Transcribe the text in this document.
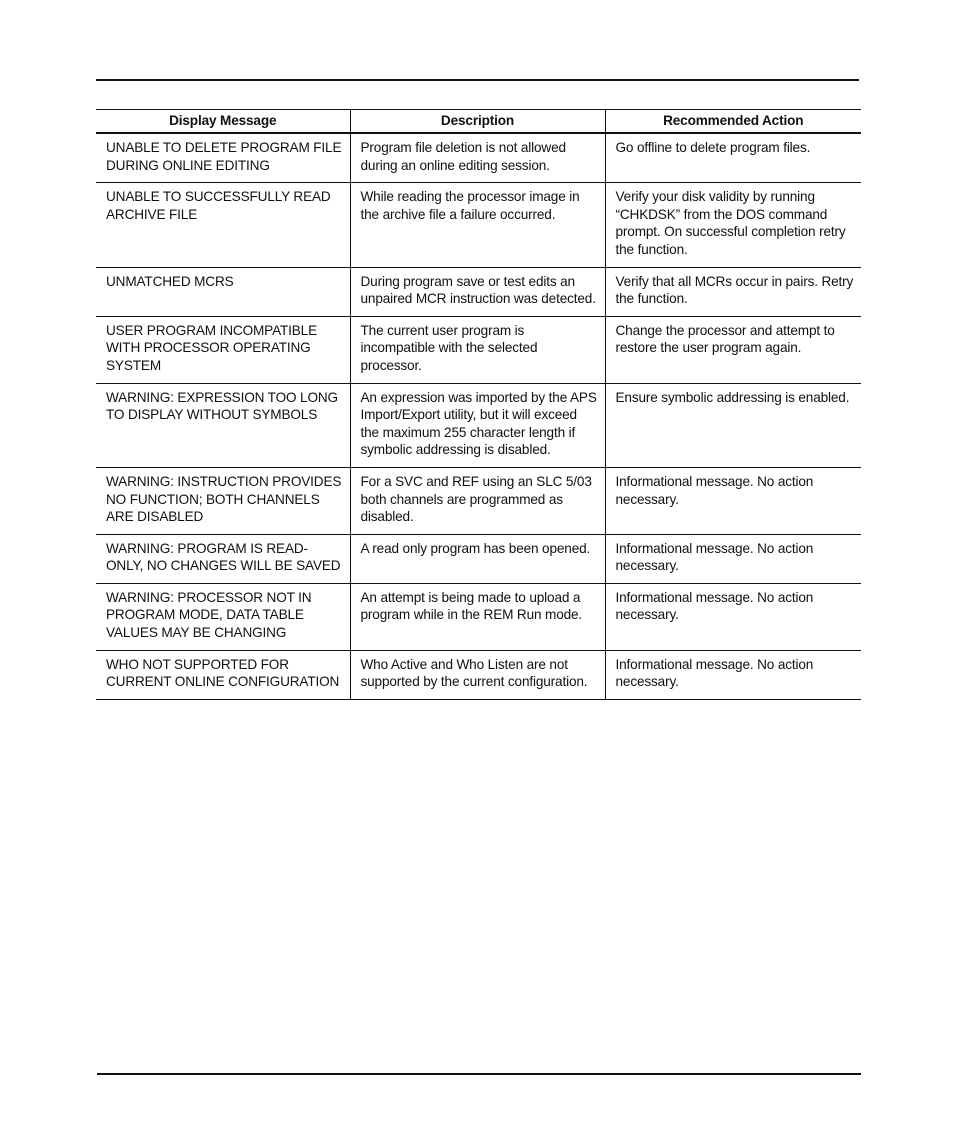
Display Message	Description	Recommended Action
UNABLE TO DELETE PROGRAM FILE DURING ONLINE EDITING	Program file deletion is not allowed during an online editing session.	Go offline to delete program files.
UNABLE TO SUCCESSFULLY READ ARCHIVE FILE	While reading the processor image in the archive file a failure occurred.	Verify your disk validity by running “CHKDSK” from the DOS command prompt. On successful completion retry the function.
UNMATCHED MCRS	During program save or test edits an unpaired MCR instruction was detected.	Verify that all MCRs occur in pairs. Retry the function.
USER PROGRAM INCOMPATIBLE WITH PROCESSOR OPERATING SYSTEM	The current user program is incompatible with the selected processor.	Change the processor and attempt to restore the user program again.
WARNING: EXPRESSION TOO LONG TO DISPLAY WITHOUT SYMBOLS	An expression was imported by the APS Import/Export utility, but it will exceed the maximum 255 character length if symbolic addressing is disabled.	Ensure symbolic addressing is enabled.
WARNING: INSTRUCTION PROVIDES NO FUNCTION; BOTH CHANNELS ARE DISABLED	For a SVC and REF using an SLC 5/03 both channels are programmed as disabled.	Informational message. No action necessary.
WARNING: PROGRAM IS READ-ONLY, NO CHANGES WILL BE SAVED	A read only program has been opened.	Informational message. No action necessary.
WARNING: PROCESSOR NOT IN PROGRAM MODE, DATA TABLE VALUES MAY BE CHANGING	An attempt is being made to upload a program while in the REM Run mode.	Informational message. No action necessary.
WHO NOT SUPPORTED FOR CURRENT ONLINE CONFIGURATION	Who Active and Who Listen are not supported by the current configuration.	Informational message. No action necessary.
